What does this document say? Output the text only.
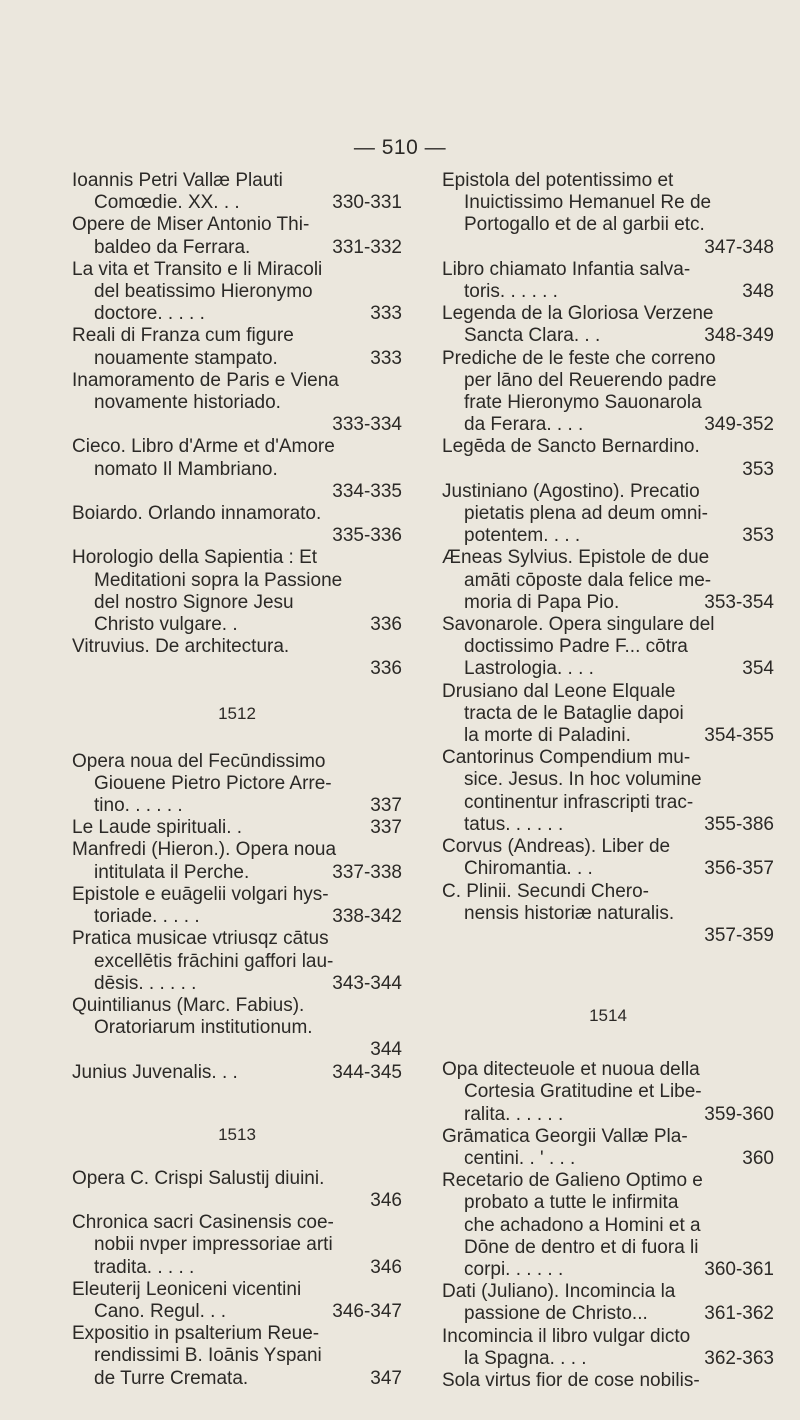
— 510 —
Ioannis Petri Vallæ Plauti
Comœdie. XX. . .	330-331
Opere de Miser Antonio Thi-
baldeo da Ferrara.	331-332
La vita et Transito e li Miracoli
del beatissimo Hieronymo
doctore. . . . .	333
Reali di Franza cum figure
nouamente stampato.	333
Inamoramento de Paris e Viena
novamente historiado.
333-334
Cieco. Libro d'Arme et d'Amore
nomato Il Mambriano.
334-335
Boiardo. Orlando innamorato.
335-336
Horologio della Sapientia : Et
Meditationi sopra la Passione
del nostro Signore Jesu
Christo vulgare. .	336
Vitruvius. De architectura.
336
1512
Opera noua del Fecūndissimo
Giouene Pietro Pictore Arre-
tino. . . . . .	337
Le Laude spirituali. .	337
Manfredi (Hieron.). Opera noua
intitulata il Perche.	337-338
Epistole e euāgelii volgari hys-
toriade. . . . .	338-342
Pratica musicae vtriusqz cātus
excellētis frāchini gaffori lau-
dēsis. . . . . .	343-344
Quintilianus (Marc. Fabius).
Oratoriarum institutionum.
344
Junius Juvenalis. . .	344-345
1513
Opera C. Crispi Salustij diuini.
346
Chronica sacri Casinensis coe-
nobii nvper impressoriae arti
tradita. . . . .	346
Eleuterij Leoniceni vicentini
Cano. Regul. . .	346-347
Expositio in psalterium Reue-
rendissimi B. Ioānis Yspani
de Turre Cremata.	347
Epistola del potentissimo et
Inuictissimo Hemanuel Re de
Portogallo et de al garbii etc.
347-348
Libro chiamato Infantia salva-
toris. . . . . .	348
Legenda de la Gloriosa Verzene
Sancta Clara. . .	348-349
Prediche de le feste che correno
per lāno del Reuerendo padre
frate Hieronymo Sauonarola
da Ferara. . . .	349-352
Legēda de Sancto Bernardino.
353
Justiniano (Agostino). Precatio
pietatis plena ad deum omni-
potentem. . . .	353
Æneas Sylvius. Epistole de due
amāti cōposte dala felice me-
moria di Papa Pio.	353-354
Savonarole. Opera singulare del
doctissimo Padre F... cōtra
Lastrologia. . . .	354
Drusiano dal Leone Elquale
tracta de le Bataglie dapoi
la morte di Paladini.	354-355
Cantorinus Compendium mu-
sice. Jesus. In hoc volumine
continentur infrascripti trac-
tatus. . . . . .	355-386
Corvus (Andreas). Liber de
Chiromantia. . .	356-357
C. Plinii. Secundi Chero-
nensis historiæ naturalis.
357-359
1514
Opa ditecteuole et nuoua della
Cortesia Gratitudine et Libe-
ralita. . . . . .	359-360
Grāmatica Georgii Vallæ Pla-
centini. . ' . . .	360
Recetario de Galieno Optimo e
probato a tutte le infirmita
che achadono a Homini et a
Dōne de dentro et di fuora li
corpi. . . . . .	360-361
Dati (Juliano). Incomincia la
passione de Christo...	361-362
Incomincia il libro vulgar dicto
la Spagna. . . .	362-363
Sola virtus fior de cose nobilis-
